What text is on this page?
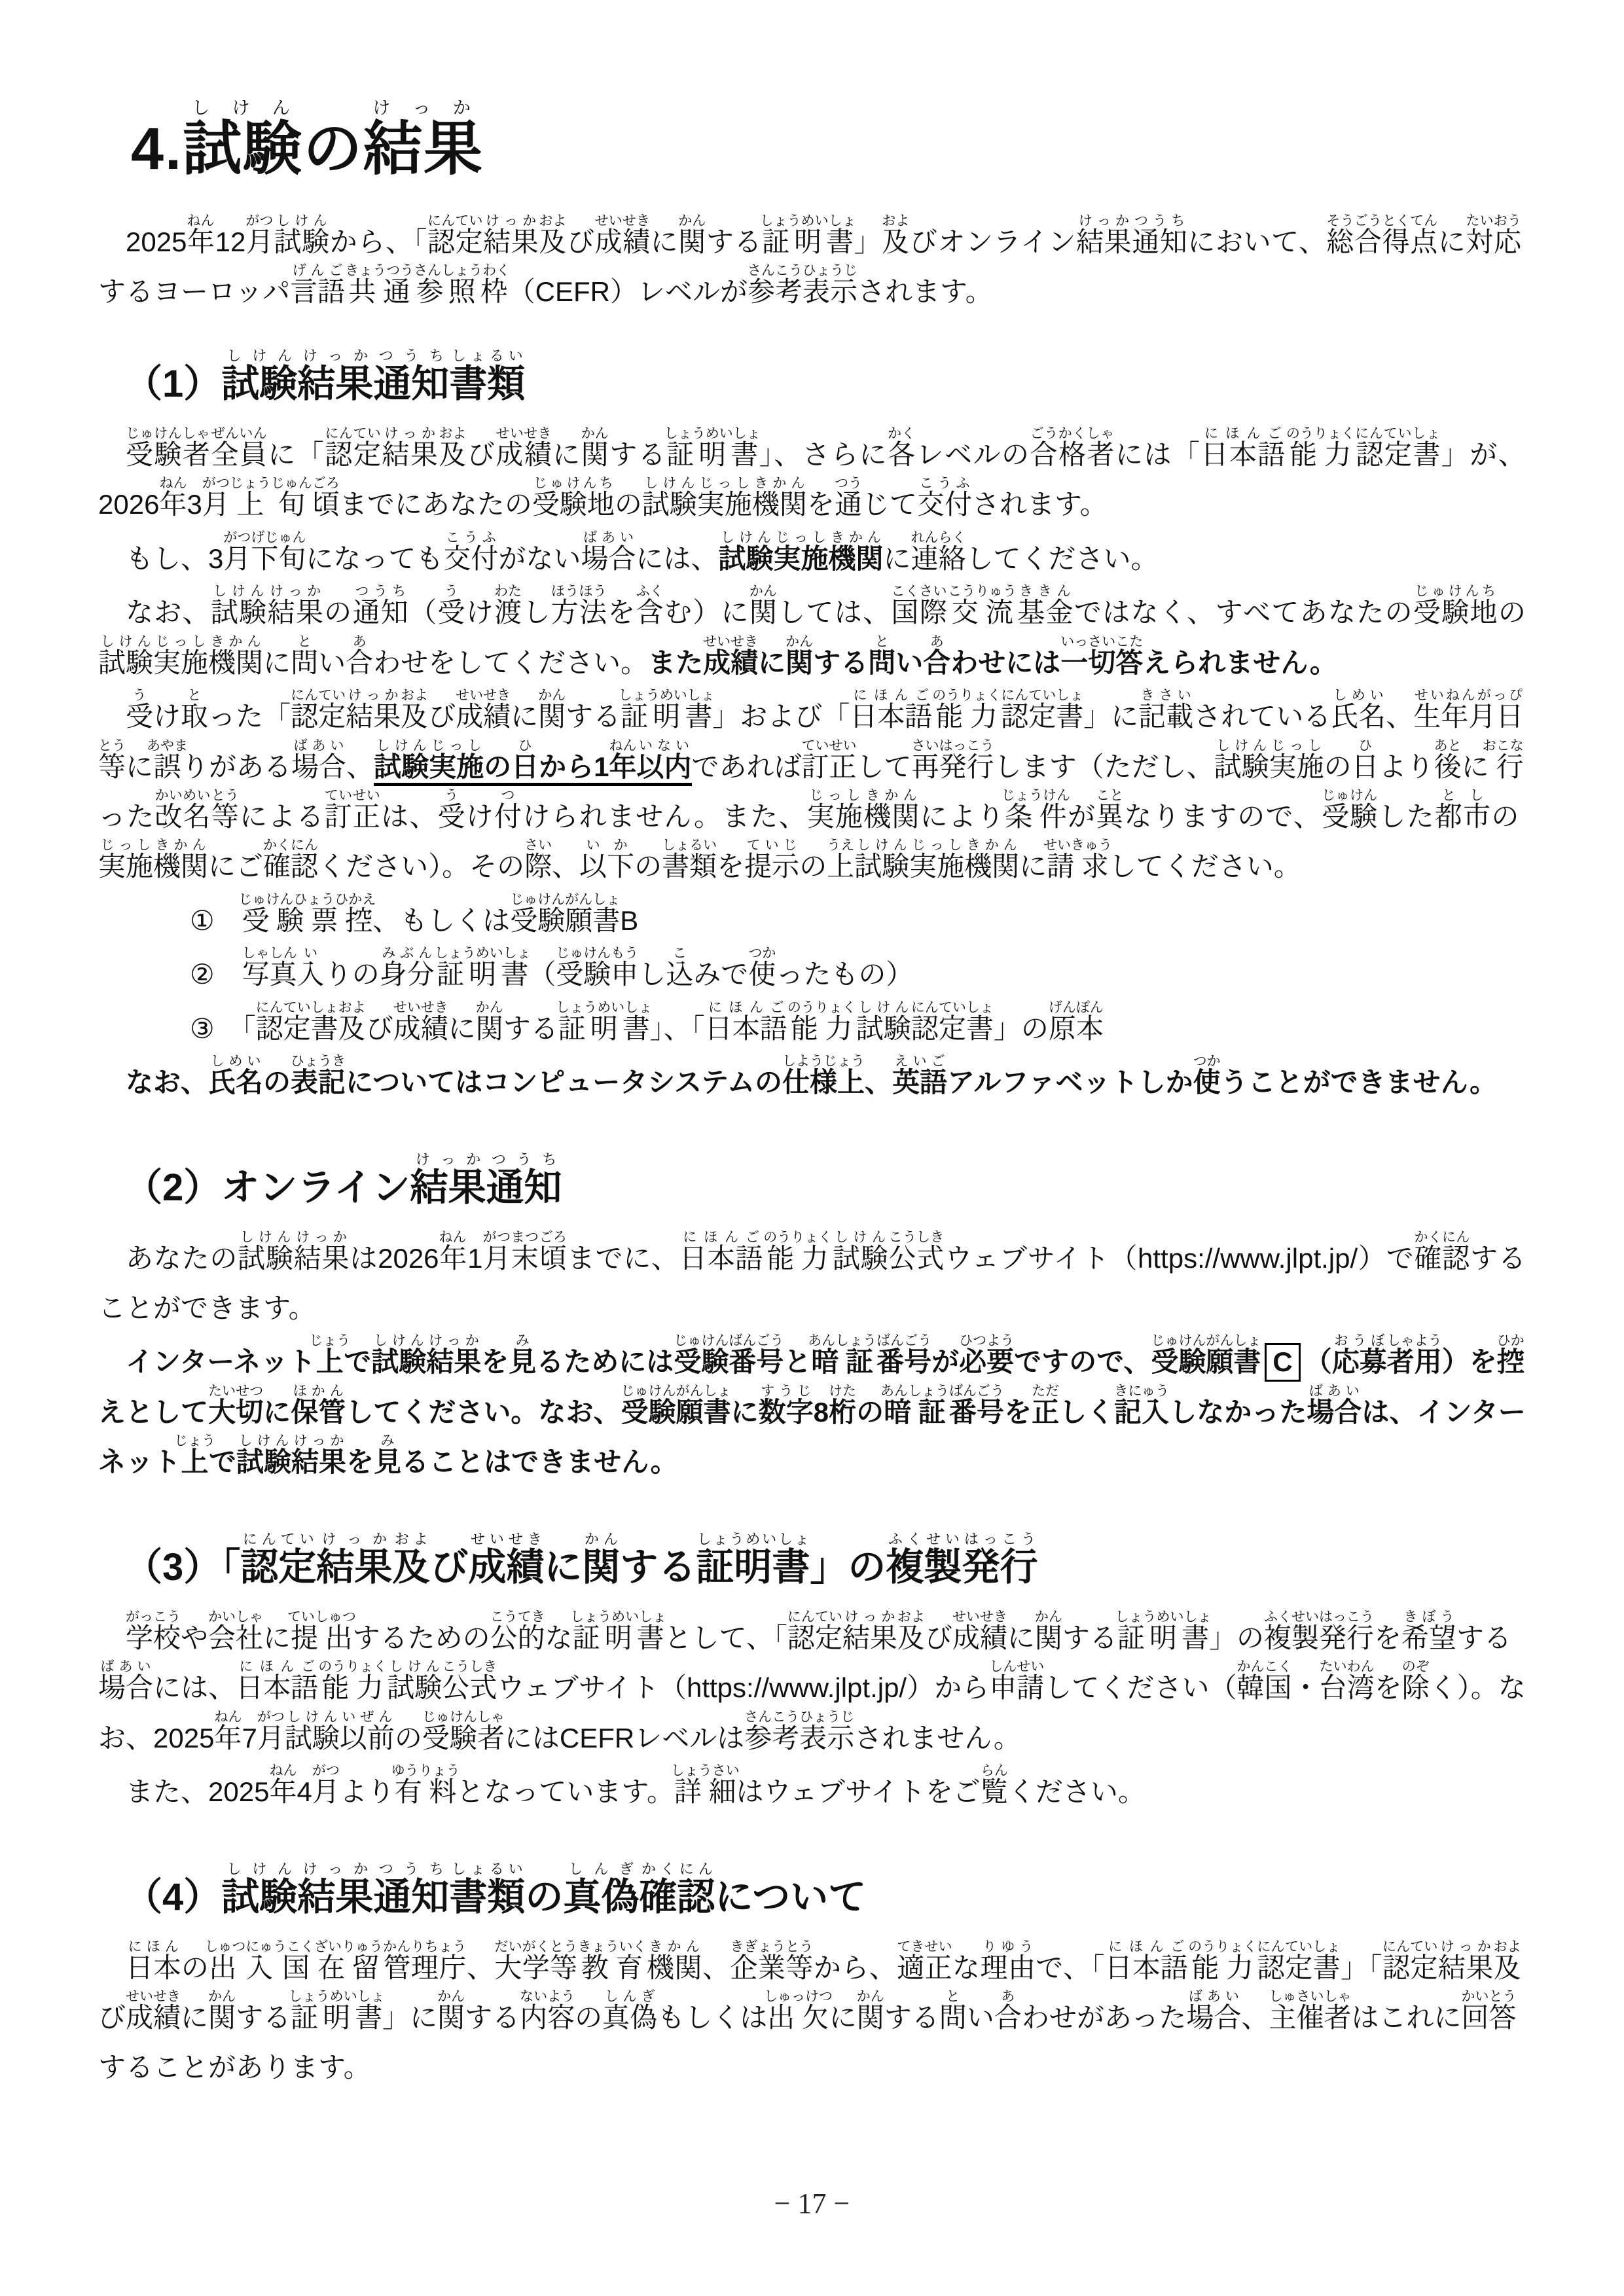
4.試験しけんの結果けっか

2025年ねん12月がつ試験しけんから、「認定にんてい結果けっか及および成績せいせきに関かんする証明書しょうめいしょ」及およびオンライン結果けっか通知つうちにおいて、総合そうごう得点とくてんに対応たいおうするヨーロッパ言語げんご共通きょうつう参照枠さんしょうわく（CEFR）レベルが参考さんこう表示ひょうじされます。

（1）試験しけん結果けっか通知つうち書類しょるい

受験者じゅけんしゃ全員ぜんいんに「認定にんてい結果けっか及および成績せいせきに関かんする証明書しょうめいしょ」、さらに各かくレベルの合格者ごうかくしゃには「日本語にほんご能力のうりょく認定書にんていしょ」が、2026年ねん3月がつ上旬じょうじゅん頃ごろまでにあなたの受験地じゅけんちの試験しけん実施じっし機関きかんを通つうじて交付こうふされます。

もし、3月がつ下旬げじゅんになっても交付こうふがない場合ばあいには、試験しけん実施じっし機関きかんに連絡れんらくしてください。

なお、試験しけん結果けっかの通知つうち（受うけ渡わたし方法ほうほうを含ふくむ）に関かんしては、国際こくさい交流こうりゅう基金ききんではなく、すべてあなたの受験地じゅけんちの試験しけん実施じっし機関きかんに問とい合あわせをしてください。また成績せいせきに関かんする問とい合あわせには一切いっさい答こたえられません。

受うけ取とった「認定にんてい結果けっか及および成績せいせきに関かんする証明書しょうめいしょ」および「日本語にほんご能力のうりょく認定書にんていしょ」に記載きさいされている氏名しめい、生年月日せいねんがっぴ等とうに誤あやまりがある場合ばあい、試験しけん実施じっしの日ひから1年ねん以内いないであれば訂正ていせいして再発行さいはっこうします（ただし、試験しけん実施じっしの日ひより後あとに行おこなった改名かいめい等とうによる訂正ていせいは、受うけ付つけられません。また、実施じっし機関きかんにより条件じょうけんが異ことなりますので、受験じゅけんした都市としの実施じっし機関きかんにご確認かくにんください）。その際さい、以下いかの書類しょるいを提示ていじの上うえ試験しけん実施じっし機関きかんに請求せいきゅうしてください。

①　受験票控じゅけんひょうひかえ、もしくは受験じゅけん願書がんしょB
②　写真しゃしん入いりの身分みぶん証明書しょうめいしょ（受験じゅけん申もうし込こみで使つかったもの）
③　「認定書にんていしょ及および成績せいせきに関かんする証明書しょうめいしょ」、「日本語にほんご能力のうりょく試験しけん認定書にんていしょ」の原本げんぽん

なお、氏名しめいの表記ひょうきについてはコンピュータシステムの仕様上しようじょう、英語えいごアルファベットしか使つかうことができません。

（2）オンライン結果けっか通知つうち

あなたの試験しけん結果けっかは2026年ねん1月末がつまつ頃ごろまでに、日本語にほんご能力のうりょく試験しけん公式こうしきウェブサイト（https://www.jlpt.jp/）で確認かくにんすることができます。

インターネット上じょうで試験しけん結果けっかを見みるためには受験じゅけん番号ばんごうと暗証あんしょう番号ばんごうが必要ひつようですので、受験じゅけん願書がんしょC （応募おうぼ者用しゃよう）を控ひかえとして大切たいせつに保管ほかんしてください。なお、受験じゅけん願書がんしょに数字すうじ8桁けたの暗証あんしょう番号ばんごうを正ただしく記入きにゅうしなかった場合ばあいは、インターネット上じょうで試験しけん結果けっかを見みることはできません。

（3）「認定にんてい結果けっか及および成績せいせきに関かんする証明書しょうめいしょ」の複製ふくせい発行はっこう

学校がっこうや会社かいしゃに提出ていしゅつするための公的こうてきな証明書しょうめいしょとして、「認定にんてい結果けっか及および成績せいせきに関かんする証明書しょうめいしょ」の複製ふくせい発行はっこうを希望きぼうする場合ばあいには、日本語にほんご能力のうりょく試験しけん公式こうしきウェブサイト（https://www.jlpt.jp/）から申請しんせいしてください（韓国かんこく・台湾たいわんを除のぞく）。なお、2025年ねん7月がつ試験しけん以前いぜんの受験者じゅけんしゃにはCEFRレベルは参考さんこう表示ひょうじされません。

また、2025年ねん4月がつより有料ゆうりょうとなっています。詳細しょうさいはウェブサイトをご覧らんください。

（4）試験しけん結果けっか通知つうち書類しょるいの真偽しんぎ確認かくにんについて

日本にほんの出入国しゅつにゅうこく在留ざいりゅう管理庁かんりちょう、大学等だいがくとう教育きょういく機関きかん、企業等きぎょうとうから、適正てきせいな理由りゆうで、「日本語にほんご能力のうりょく認定書にんていしょ」「認定にんてい結果けっか及および成績せいせきに関かんする証明書しょうめいしょ」に関かんする内容ないようの真偽しんぎもしくは出欠しゅっけつに関かんする問とい合あわせがあった場合ばあい、主催者しゅさいしゃはこれに回答かいとうすることがあります。

− 17 −
